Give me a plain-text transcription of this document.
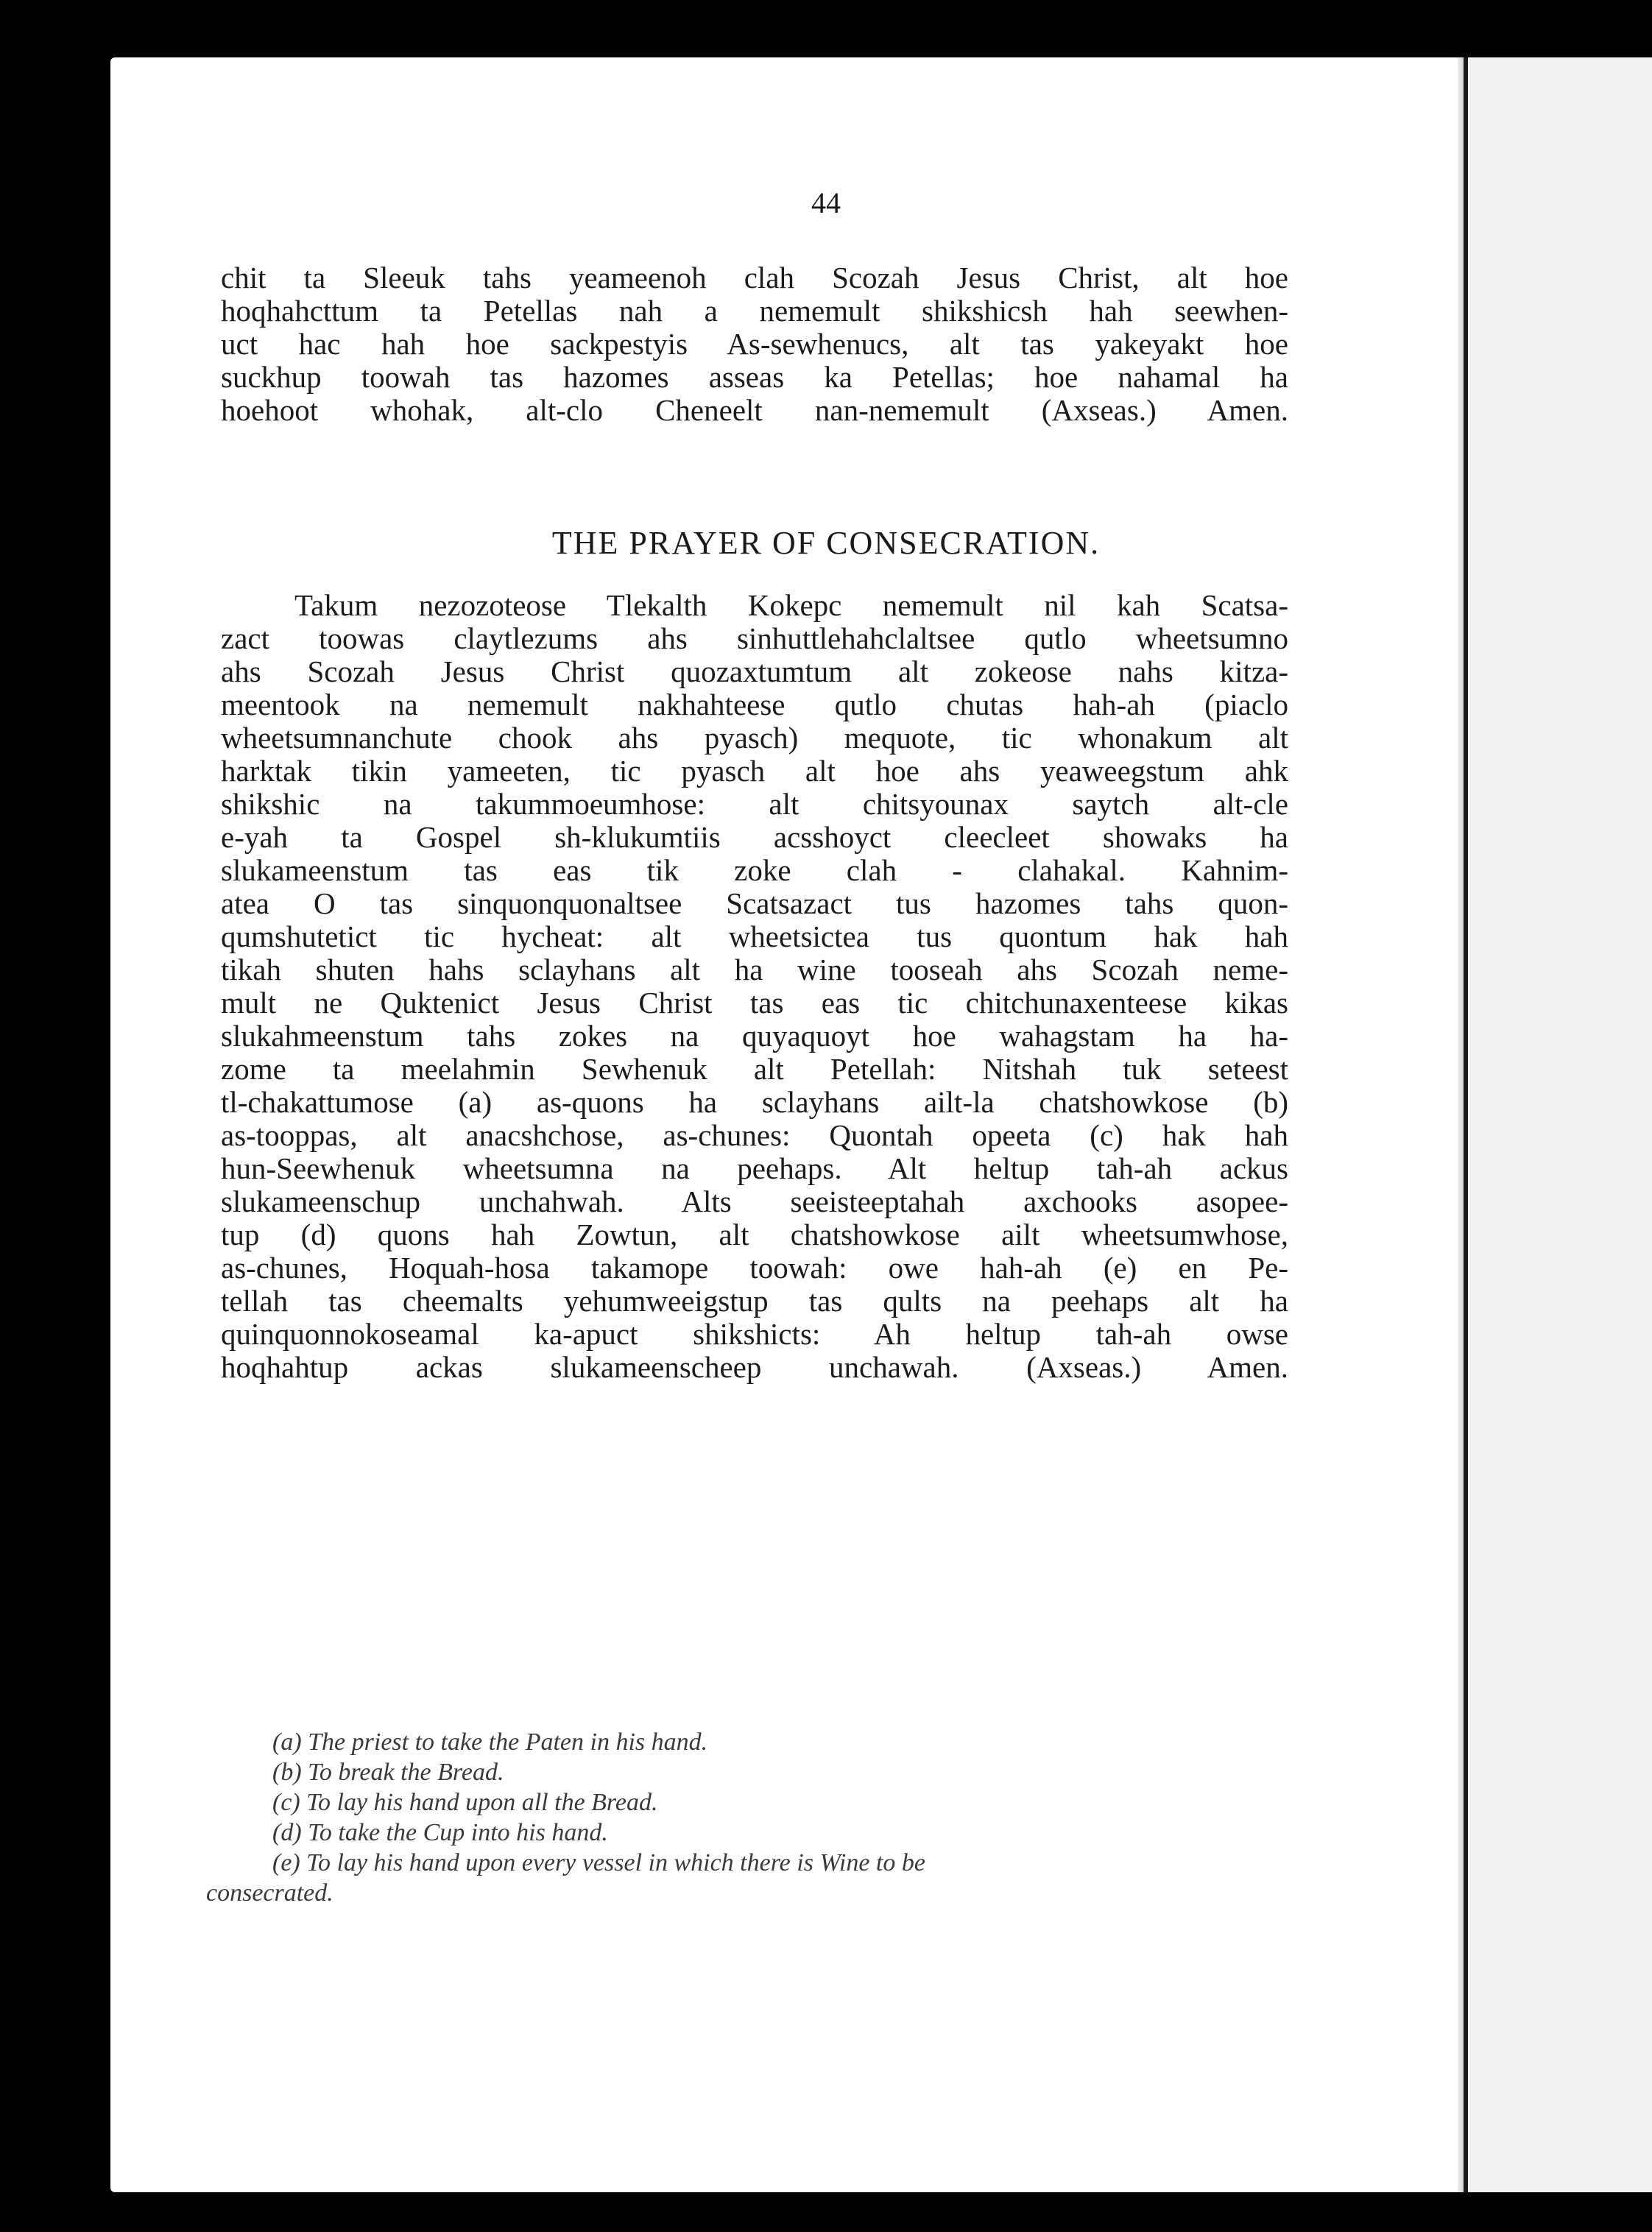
44
chit ta Sleeuk tahs yeameenoh clah Scozah Jesus Christ, alt hoe
hoqhahcttum ta Petellas nah a nememult shikshicsh hah seewhen-
uct hac hah hoe sackpestyis As-sewhenucs, alt tas yakeyakt hoe
suckhup toowah tas hazomes asseas ka Petellas; hoe nahamal ha
hoehoot whohak, alt-clo Cheneelt nan-nememult (Axseas.) Amen.
THE PRAYER OF CONSECRATION.
Takum nezozoteose Tlekalth Kokepc nememult nil kah Scatsa-
zact toowas claytlezums ahs sinhuttlehahclaltsee qutlo wheetsumno
ahs Scozah Jesus Christ quozaxtumtum alt zokeose nahs kitza-
meentook na nememult nakhahteese qutlo chutas hah-ah (piaclo
wheetsumnanchute chook ahs pyasch) mequote, tic whonakum alt
harktak tikin yameeten, tic pyasch alt hoe ahs yeaweegstum ahk
shikshic na takummoeumhose: alt chitsyounax saytch alt-cle
e-yah ta Gospel sh-klukumtiis acsshoyct cleecleet showaks ha
slukameenstum tas eas tik zoke clah - clahakal. Kahnim-
atea O tas sinquonquonaltsee Scatsazact tus hazomes tahs quon-
qumshutetict tic hycheat: alt wheetsictea tus quontum hak hah
tikah shuten hahs sclayhans alt ha wine tooseah ahs Scozah neme-
mult ne Quktenict Jesus Christ tas eas tic chitchunaxenteese kikas
slukahmeenstum tahs zokes na quyaquoyt hoe wahagstam ha ha-
zome ta meelahmin Sewhenuk alt Petellah: Nitshah tuk seteest
tl-chakattumose (a) as-quons ha sclayhans ailt-la chatshowkose (b)
as-tooppas, alt anacshchose, as-chunes: Quontah opeeta (c) hak hah
hun-Seewhenuk wheetsumna na peehaps. Alt heltup tah-ah ackus
slukameenschup unchahwah. Alts seeisteeptahah axchooks asopee-
tup (d) quons hah Zowtun, alt chatshowkose ailt wheetsumwhose,
as-chunes, Hoquah-hosa takamope toowah: owe hah-ah (e) en Pe-
tellah tas cheemalts yehumweeigstup tas qults na peehaps alt ha
quinquonnokoseamal ka-apuct shikshicts: Ah heltup tah-ah owse
hoqhahtup ackas slukameenscheep unchawah. (Axseas.) Amen.
(a) The priest to take the Paten in his hand.
(b) To break the Bread.
(c) To lay his hand upon all the Bread.
(d) To take the Cup into his hand.
(e) To lay his hand upon every vessel in which there is Wine to be
consecrated.
